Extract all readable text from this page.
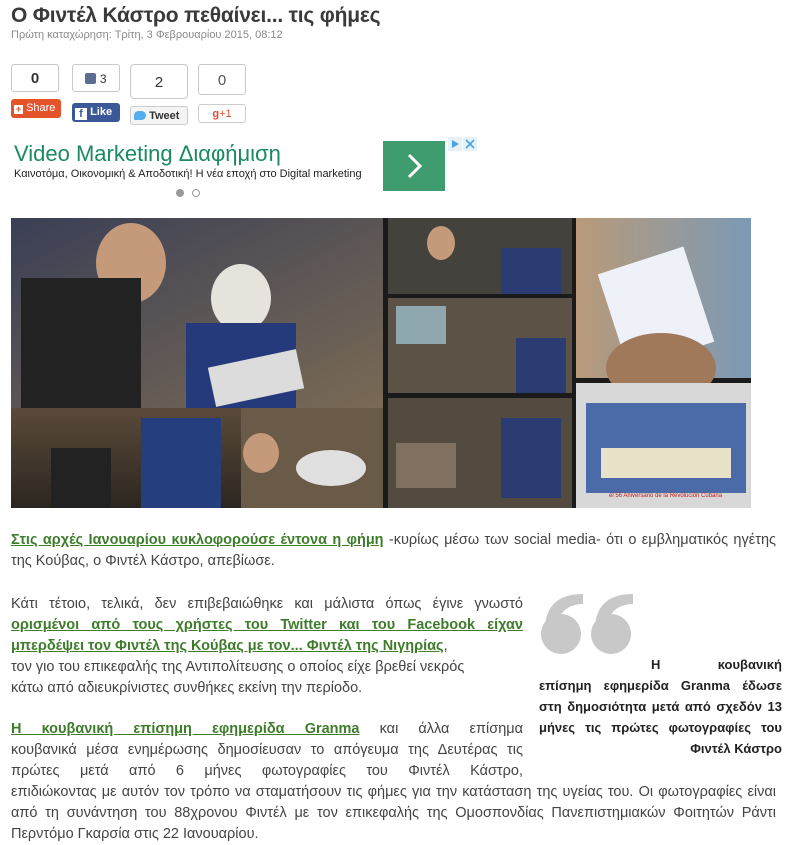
Ο Φιντέλ Κάστρο πεθαίνει... τις φήμες
Πρώτη καταχώρηση: Τρίτη, 3 Φεβρουαρίου 2015, 08:12
0
+ Share
3
f Like
2
Tweet
0
g+1
Video Marketing Διαφήμιση
Καινοτόμα, Οικονομική & Αποδοτική! Η νέα εποχή στο Digital marketing
el 56 Aniversario de la Revolución Cubana
Στις αρχές Ιανουαρίου κυκλοφορούσε έντονα η φήμη -κυρίως μέσω των social media- ότι ο εμβληματικός ηγέτης της Κούβας, ο Φιντέλ Κάστρο, απεβίωσε.
Κάτι τέτοιο, τελικά, δεν επιβεβαιώθηκε και μάλιστα όπως έγινε γνωστό
ορισμένοι από τους χρήστες του Twitter και του Facebook είχαν
μπερδέψει τον Φιντέλ της Κούβας με τον... Φιντέλ της Νιγηρίας,
τον γιο του επικεφαλής της Αντιπολίτευσης ο οποίος είχε βρεθεί νεκρός
κάτω από αδιευκρίνιστες συνθήκες εκείνη την περίοδο.
Η κουβανική επίσημη εφημερίδα Granma και άλλα επίσημα
κουβανικά μέσα ενημέρωσης δημοσίευσαν το απόγευμα της Δευτέρας τις
πρώτες μετά από 6 μήνες φωτογραφίες του Φιντέλ Κάστρο,
επιδιώκοντας με αυτόν τον τρόπο να σταματήσουν τις φήμες για την κατάσταση της υγείας του. Οι φωτογραφίες είναι από τη συνάντηση του 88χρονου Φιντέλ με τον επικεφαλής της Ομοσπονδίας Πανεπιστημιακών Φοιτητών Ράντι Περντόμο Γκαρσία στις 22 Ιανουαρίου.
Η κουβανική επίσημη εφημερίδα Granma έδωσε στη δημοσιότητα μετά από σχεδόν 13 μήνες τις πρώτες φωτογραφίες του Φιντέλ Κάστρο
